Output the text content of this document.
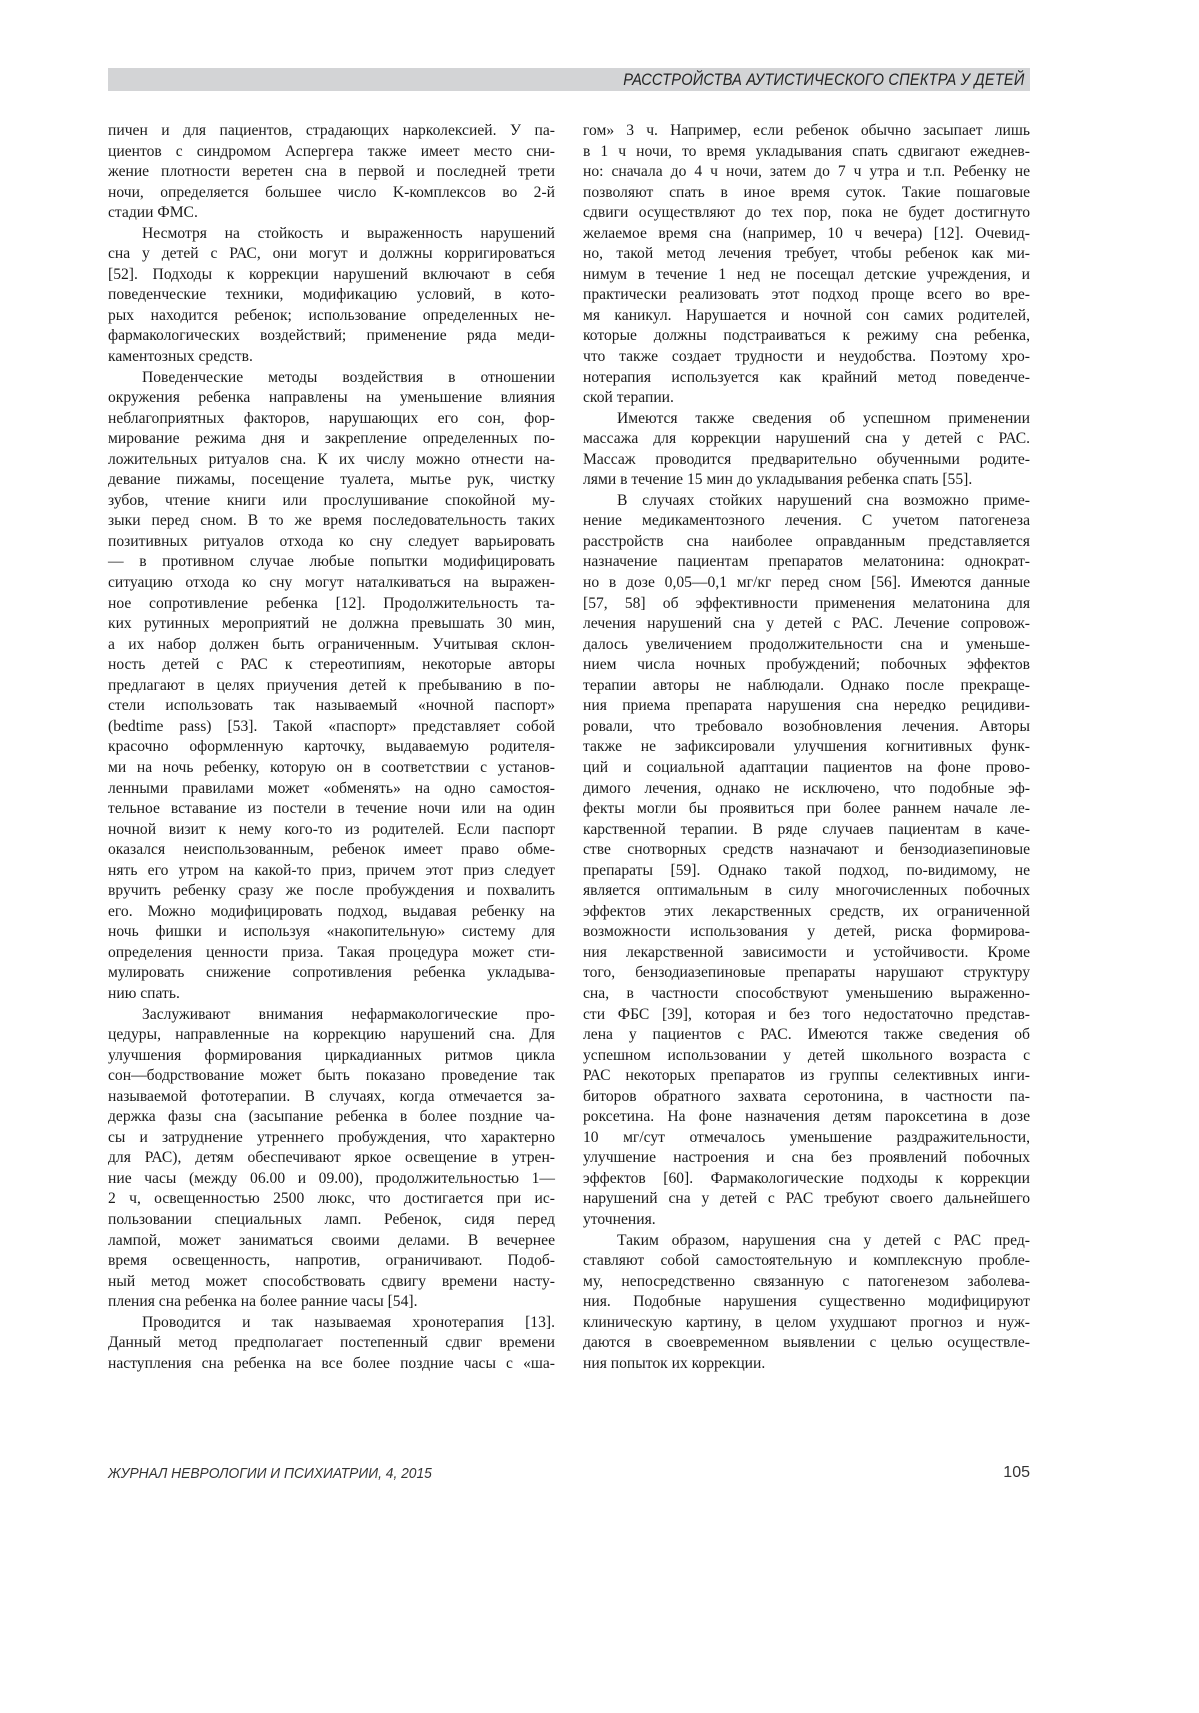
РАССТРОЙСТВА АУТИСТИЧЕСКОГО СПЕКТРА У ДЕТЕЙ
пичен и для пациентов, страдающих нарколексией. У па-
циентов с синдромом Аспергера также имеет место сни-
жение плотности веретен сна в первой и последней трети
ночи, определяется большее число K-комплексов во 2-й
стадии ФМС.
Несмотря на стойкость и выраженность нарушений
сна у детей с РАС, они могут и должны корригироваться
[52]. Подходы к коррекции нарушений включают в себя
поведенческие техники, модификацию условий, в кото-
рых находится ребенок; использование определенных не-
фармакологических воздействий; применение ряда меди-
каментозных средств.
Поведенческие методы воздействия в отношении
окружения ребенка направлены на уменьшение влияния
неблагоприятных факторов, нарушающих его сон, фор-
мирование режима дня и закрепление определенных по-
ложительных ритуалов сна. К их числу можно отнести на-
девание пижамы, посещение туалета, мытье рук, чистку
зубов, чтение книги или прослушивание спокойной му-
зыки перед сном. В то же время последовательность таких
позитивных ритуалов отхода ко сну следует варьировать
— в противном случае любые попытки модифицировать
ситуацию отхода ко сну могут наталкиваться на выражен-
ное сопротивление ребенка [12]. Продолжительность та-
ких рутинных мероприятий не должна превышать 30 мин,
а их набор должен быть ограниченным. Учитывая склон-
ность детей с РАС к стереотипиям, некоторые авторы
предлагают в целях приучения детей к пребыванию в по-
стели использовать так называемый «ночной паспорт»
(bedtime pass) [53]. Такой «паспорт» представляет собой
красочно оформленную карточку, выдаваемую родителя-
ми на ночь ребенку, которую он в соответствии с установ-
ленными правилами может «обменять» на одно самостоя-
тельное вставание из постели в течение ночи или на один
ночной визит к нему кого-то из родителей. Если паспорт
оказался неиспользованным, ребенок имеет право обме-
нять его утром на какой-то приз, причем этот приз следует
вручить ребенку сразу же после пробуждения и похвалить
его. Можно модифицировать подход, выдавая ребенку на
ночь фишки и используя «накопительную» систему для
определения ценности приза. Такая процедура может сти-
мулировать снижение сопротивления ребенка укладыва-
нию спать.
Заслуживают внимания нефармакологические про-
цедуры, направленные на коррекцию нарушений сна. Для
улучшения формирования циркадианных ритмов цикла
сон—бодрствование может быть показано проведение так
называемой фототерапии. В случаях, когда отмечается за-
держка фазы сна (засыпание ребенка в более поздние ча-
сы и затруднение утреннего пробуждения, что характерно
для РАС), детям обеспечивают яркое освещение в утрен-
ние часы (между 06.00 и 09.00), продолжительностью 1—
2 ч, освещенностью 2500 люкс, что достигается при ис-
пользовании специальных ламп. Ребенок, сидя перед
лампой, может заниматься своими делами. В вечернее
время освещенность, напротив, ограничивают. Подоб-
ный метод может способствовать сдвигу времени насту-
пления сна ребенка на более ранние часы [54].
Проводится и так называемая хронотерапия [13].
Данный метод предполагает постепенный сдвиг времени
наступления сна ребенка на все более поздние часы с «ша-
гом» 3 ч. Например, если ребенок обычно засыпает лишь
в 1 ч ночи, то время укладывания спать сдвигают ежеднев-
но: сначала до 4 ч ночи, затем до 7 ч утра и т.п. Ребенку не
позволяют спать в иное время суток. Такие пошаговые
сдвиги осуществляют до тех пор, пока не будет достигнуто
желаемое время сна (например, 10 ч вечера) [12]. Очевид-
но, такой метод лечения требует, чтобы ребенок как ми-
нимум в течение 1 нед не посещал детские учреждения, и
практически реализовать этот подход проще всего во вре-
мя каникул. Нарушается и ночной сон самих родителей,
которые должны подстраиваться к режиму сна ребенка,
что также создает трудности и неудобства. Поэтому хро-
нотерапия используется как крайний метод поведенче-
ской терапии.
Имеются также сведения об успешном применении
массажа для коррекции нарушений сна у детей с РАС.
Массаж проводится предварительно обученными родите-
лями в течение 15 мин до укладывания ребенка спать [55].
В случаях стойких нарушений сна возможно приме-
нение медикаментозного лечения. С учетом патогенеза
расстройств сна наиболее оправданным представляется
назначение пациентам препаратов мелатонина: однократ-
но в дозе 0,05—0,1 мг/кг перед сном [56]. Имеются данные
[57, 58] об эффективности применения мелатонина для
лечения нарушений сна у детей с РАС. Лечение сопровож-
далось увеличением продолжительности сна и уменьше-
нием числа ночных пробуждений; побочных эффектов
терапии авторы не наблюдали. Однако после прекраще-
ния приема препарата нарушения сна нередко рецидиви-
ровали, что требовало возобновления лечения. Авторы
также не зафиксировали улучшения когнитивных функ-
ций и социальной адаптации пациентов на фоне прово-
димого лечения, однако не исключено, что подобные эф-
фекты могли бы проявиться при более раннем начале ле-
карственной терапии. В ряде случаев пациентам в каче-
стве снотворных средств назначают и бензодиазепиновые
препараты [59]. Однако такой подход, по-видимому, не
является оптимальным в силу многочисленных побочных
эффектов этих лекарственных средств, их ограниченной
возможности использования у детей, риска формирова-
ния лекарственной зависимости и устойчивости. Кроме
того, бензодиазепиновые препараты нарушают структуру
сна, в частности способствуют уменьшению выраженно-
сти ФБС [39], которая и без того недостаточно представ-
лена у пациентов с РАС. Имеются также сведения об
успешном использовании у детей школьного возраста с
РАС некоторых препаратов из группы селективных инги-
биторов обратного захвата серотонина, в частности па-
роксетина. На фоне назначения детям пароксетина в дозе
10 мг/сут отмечалось уменьшение раздражительности,
улучшение настроения и сна без проявлений побочных
эффектов [60]. Фармакологические подходы к коррекции
нарушений сна у детей с РАС требуют своего дальнейшего
уточнения.
Таким образом, нарушения сна у детей с РАС пред-
ставляют собой самостоятельную и комплексную пробле-
му, непосредственно связанную с патогенезом заболева-
ния. Подобные нарушения существенно модифицируют
клиническую картину, в целом ухудшают прогноз и нуж-
даются в своевременном выявлении с целью осуществле-
ния попыток их коррекции.
ЖУРНАЛ НЕВРОЛОГИИ И ПСИХИАТРИИ, 4, 2015	105
